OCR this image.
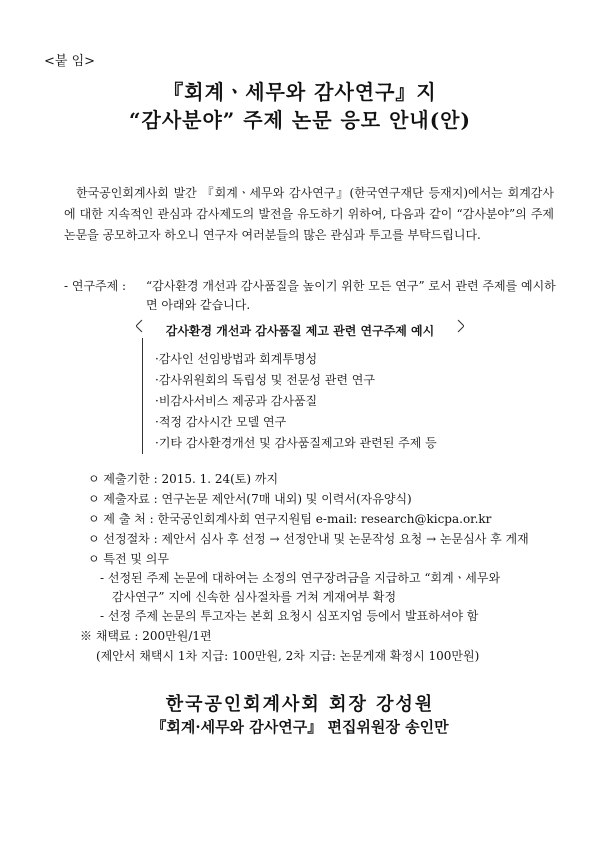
<붙 임>
『회계ㆍ세무와 감사연구』지
“감사분야” 주제 논문 응모 안내(안)

한국공인회계사회 발간 『회계ㆍ세무와 감사연구』(한국연구재단 등재지)에서는 회계감사에 대한 지속적인 관심과 감사제도의 발전을 유도하기 위하여, 다음과 같이 “감사분야”의 주제 논문을 공모하고자 하오니 연구자 여러분들의 많은 관심과 투고를 부탁드립니다.

- 연구주제 : “감사환경 개선과 감사품질을 높이기 위한 모든 연구” 로서 관련 주제를 예시하면 아래와 같습니다.
감사환경 개선과 감사품질 제고 관련 연구주제 예시
·감사인 선임방법과 회계투명성
·감사위원회의 독립성 및 전문성 관련 연구
·비감사서비스 제공과 감사품질
·적정 감사시간 모델 연구
·기타 감사환경개선 및 감사품질제고와 관련된 주제 등
ㅇ 제출기한 : 2015. 1. 24(토) 까지
ㅇ 제출자료 : 연구논문 제안서(7매 내외) 및 이력서(자유양식)
ㅇ 제 출 처 : 한국공인회계사회 연구지원팀 e-mail: research@kicpa.or.kr
ㅇ 선정절차 : 제안서 심사 후 선정 → 선정안내 및 논문작성 요청 → 논문심사 후 게재
ㅇ 특전 및 의무
- 선정된 주제 논문에 대하여는 소정의 연구장려금을 지급하고 “회계ㆍ세무와
감사연구” 지에 신속한 심사절차를 거쳐 게재여부 확정
- 선정 주제 논문의 투고자는 본회 요청시 심포지엄 등에서 발표하셔야 함
※ 채택료 : 200만원/1편
(제안서 채택시 1차 지급: 100만원, 2차 지급: 논문게재 확정시 100만원)
한국공인회계사회 회장 강성원
『회계·세무와 감사연구』 편집위원장 송인만
